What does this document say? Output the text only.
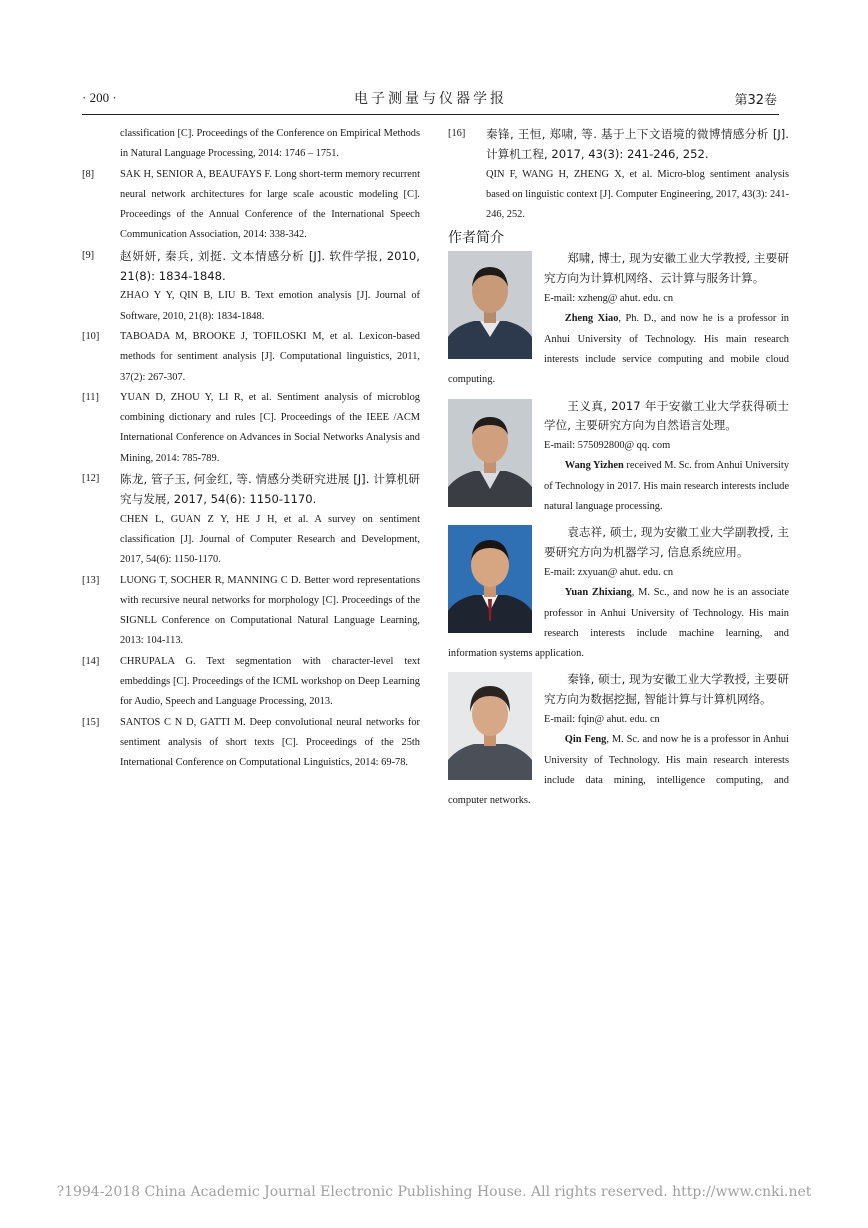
· 200 ·	电子测量与仪器学报	第32卷
classification [C]. Proceedings of the Conference on Empirical Methods in Natural Language Processing, 2014: 1746 – 1751.
[8] SAK H, SENIOR A, BEAUFAYS F. Long short-term memory recurrent neural network architectures for large scale acoustic modeling [C]. Proceedings of the Annual Conference of the International Speech Communication Association, 2014: 338-342.
[9] 赵妍妍, 秦兵, 刘挺. 文本情感分析 [J]. 软件学报, 2010, 21(8): 1834-1848.
ZHAO Y Y, QIN B, LIU B. Text emotion analysis [J]. Journal of Software, 2010, 21(8): 1834-1848.
[10] TABOADA M, BROOKE J, TOFILOSKI M, et al. Lexicon-based methods for sentiment analysis [J]. Computational linguistics, 2011, 37(2): 267-307.
[11] YUAN D, ZHOU Y, LI R, et al. Sentiment analysis of microblog combining dictionary and rules [C]. Proceedings of the IEEE /ACM International Conference on Advances in Social Networks Analysis and Mining, 2014: 785-789.
[12] 陈龙, 管子玉, 何金红, 等. 情感分类研究进展 [J]. 计算机研究与发展, 2017, 54(6): 1150-1170.
CHEN L, GUAN Z Y, HE J H, et al. A survey on sentiment classification [J]. Journal of Computer Research and Development, 2017, 54(6): 1150-1170.
[13] LUONG T, SOCHER R, MANNING C D. Better word representations with recursive neural networks for morphology [C]. Proceedings of the SIGNLL Conference on Computational Natural Language Learning, 2013: 104-113.
[14] CHRUPALA G. Text segmentation with character-level text embeddings [C]. Proceedings of the ICML workshop on Deep Learning for Audio, Speech and Language Processing, 2013.
[15] SANTOS C N D, GATTI M. Deep convolutional neural networks for sentiment analysis of short texts [C]. Proceedings of the 25th International Conference on Computational Linguistics, 2014: 69-78.
[16] 秦锋, 王恒, 郑啸, 等. 基于上下文语境的微博情感分析 [J]. 计算机工程, 2017, 43(3): 241-246, 252.
QIN F, WANG H, ZHENG X, et al. Micro-blog sentiment analysis based on linguistic context [J]. Computer Engineering, 2017, 43(3): 241-246, 252.
作者简介
郑啸, 博士, 现为安徽工业大学教授, 主要研究方向为计算机网络、云计算与服务计算。
E-mail: xzheng@ ahut. edu. cn
Zheng Xiao, Ph. D., and now he is a professor in Anhui University of Technology. His main research interests include service computing and mobile cloud computing.
王义真, 2017 年于安徽工业大学获得硕士学位, 主要研究方向为自然语言处理。
E-mail: 575092800@ qq. com
Wang Yizhen received M. Sc. from Anhui University of Technology in 2017. His main research interests include natural language processing.
袁志祥, 硕士, 现为安徽工业大学副教授, 主要研究方向为机器学习, 信息系统应用。
E-mail: zxyuan@ ahut. edu. cn
Yuan Zhixiang, M. Sc., and now he is an associate professor in Anhui University of Technology. His main research interests include machine learning, and information systems application.
秦锋, 硕士, 现为安徽工业大学教授, 主要研究方向为数据挖掘, 智能计算与计算机网络。
E-mail: fqin@ ahut. edu. cn
Qin Feng, M. Sc. and now he is a professor in Anhui University of Technology. His main research interests include data mining, intelligence computing, and computer networks.
?1994-2018 China Academic Journal Electronic Publishing House. All rights reserved. http://www.cnki.net
